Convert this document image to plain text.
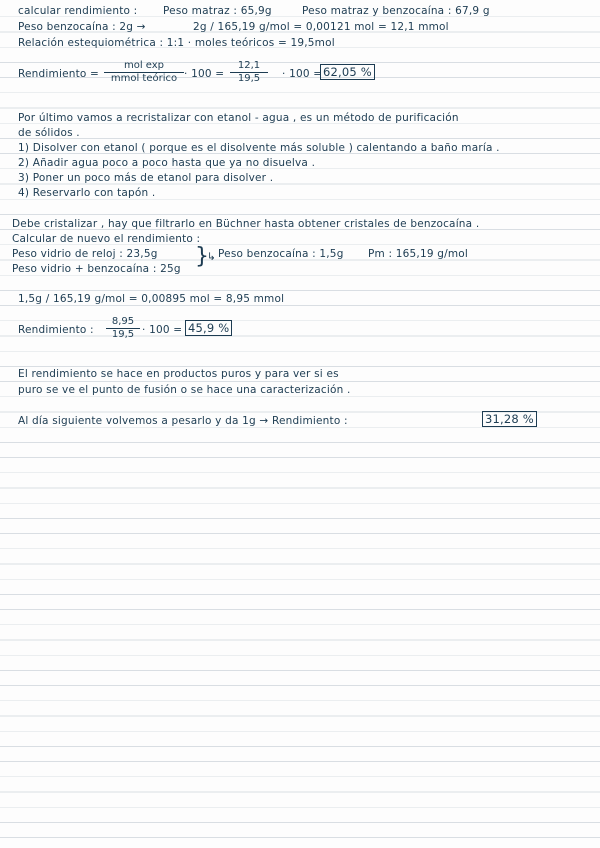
calcular rendimiento : Peso matraz : 65,9g	Peso matraz y benzocaína : 67,9 g
Peso benzocaína : 2g →	2g / 165,19 g/mol = 0,00121 mol = 12,1 mmol
Relación estequiométrica : 1:1 · moles teóricos = 19,5mol
Rendimiento =
mol exp
mmol teórico · $100 = \frac{12,1}{19,5} \cdot 100 = 62,05$ %
Por último vamos a recristalizar con etanol - agua , es un método de purificación
de sólidos .
1) Disolver con etanol ( porque es el disolvente más soluble ) calentando a baño maría .
2) Añadir agua poco a poco hasta que ya no disuelva .
3) Poner un poco más de etanol para disolver .
4) Reservarlo con tapón .
Debe cristalizar , hay que filtrarlo en Büchner hasta obtener cristales de benzocaína .
Calcular de nuevo el rendimiento :
Peso vidrio de reloj : 23,5g
Peso vidrio + benzocaína : 25g }
↳ Peso benzocaína : 1,5g Pm : 165,19 g/mol
1,5g / 165,19 g/mol = 0,00895 mol = 8,95 mmol
Rendimiento : $\frac{8,95}{19,5} \cdot 100 = 45,9$ %
El rendimiento se hace en productos puros y para ver si es
puro se ve el punto de fusión o se hace una caracterización .
Al día siguiente volvemos a pesarlo y da 1g → Rendimiento :	31,28 %
